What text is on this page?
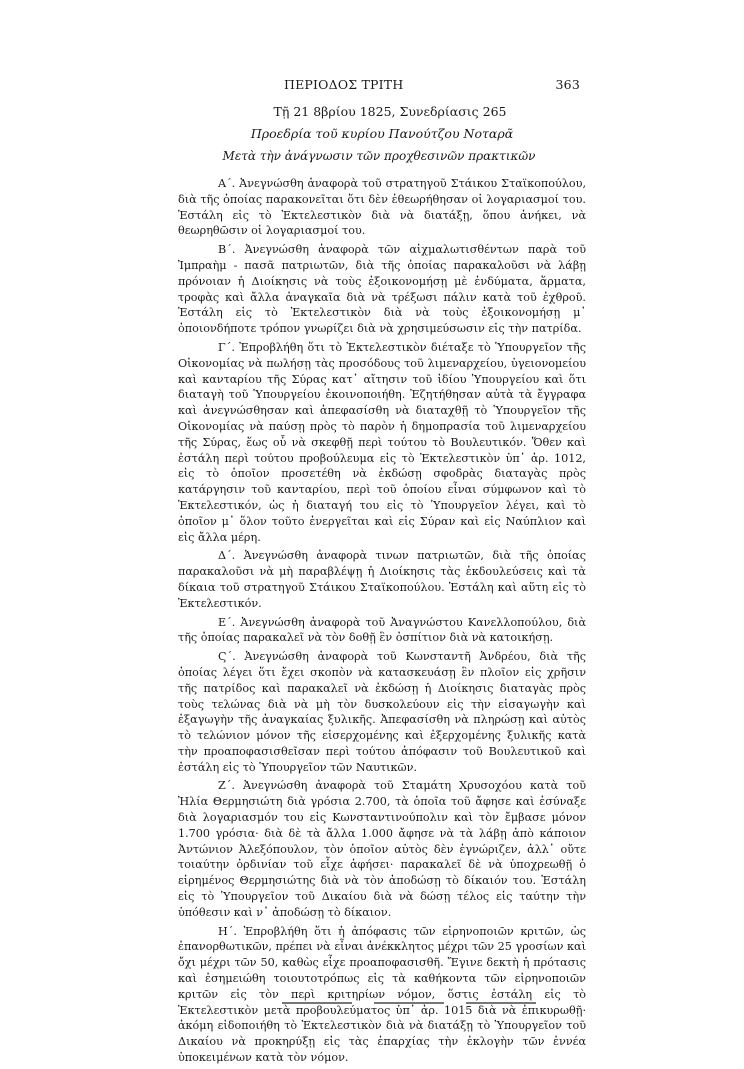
ΠΕΡΙΟΔΟΣ ΤΡΙΤΗ	363
Τῇ 21 8βρίου 1825, Συνεδρίασις 265
Προεδρία τοῦ κυρίου Πανούτζου Νοταρᾶ
Μετὰ τὴν ἀνάγνωσιν τῶν προχθεσινῶν πρακτικῶν

Α΄. Ἀνεγνώσθη ἀναφορὰ τοῦ στρατηγοῦ Στάικου Σταϊκοπούλου, διὰ τῆς ὁποίας παρακονεῖται ὅτι δὲν ἐθεωρήθησαν οἱ λογαριασμοί του. Ἐστάλη εἰς τὸ Ἐκτελεστικὸν διὰ νὰ διατάξῃ, ὅπου ἀνήκει, νὰ θεωρηθῶσιν οἱ λογαριασμοί του.

Β΄. Ἀνεγνώσθη ἀναφορὰ τῶν αἰχμαλωτισθέντων παρὰ τοῦ Ἰμπραὴμ - πασᾶ πατριωτῶν, διὰ τῆς ὁποίας παρακαλοῦσι νὰ λάβῃ πρόνοιαν ἡ Διοίκησις νὰ τοὺς ἐξοικονομήσῃ μὲ ἐνδύματα, ἅρματα, τροφὰς καὶ ἄλλα ἀναγκαῖα διὰ νὰ τρέξωσι πάλιν κατὰ τοῦ ἐχθροῦ. Ἐστάλη εἰς τὸ Ἐκτελεστικὸν διὰ νὰ τοὺς ἐξοικονομήσῃ μ᾽ ὁποιονδήποτε τρόπον γνωρίζει διὰ νὰ χρησιμεύσωσιν εἰς τὴν πατρίδα.

Γ΄. Ἐπροβλήθη ὅτι τὸ Ἐκτελεστικὸν διέταξε τὸ Ὑπουργεῖον τῆς Οἰκονομίας νὰ πωλήσῃ τὰς προσόδους τοῦ λιμεναρχείου, ὑγειονομείου καὶ κανταρίου τῆς Σύρας κατ᾽ αἴτησιν τοῦ ἰδίου Ὑπουργείου καὶ ὅτι διαταγὴ τοῦ Ὑπουργείου ἐκοινοποιήθη. Ἐζητήθησαν αὐτὰ τὰ ἔγγραφα καὶ ἀνεγνώσθησαν καὶ ἀπεφασίσθη νὰ διαταχθῇ τὸ Ὑπουργεῖον τῆς Οἰκονομίας νὰ παύσῃ πρὸς τὸ παρὸν ἡ δημοπρασία τοῦ λιμεναρχείου τῆς Σύρας, ἕως οὗ νὰ σκεφθῇ περὶ τούτου τὸ Βουλευτικόν. Ὅθεν καὶ ἐστάλη περὶ τούτου προβούλευμα εἰς τὸ Ἐκτελεστικὸν ὑπ᾽ ἀρ. 1012, εἰς τὸ ὁποῖον προσετέθη νὰ ἐκδώσῃ σφοδρὰς διαταγὰς πρὸς κατάργησιν τοῦ κανταρίου, περὶ τοῦ ὁποίου εἶναι σύμφωνον καὶ τὸ Ἐκτελεστικόν, ὡς ἡ διαταγή του εἰς τὸ Ὑπουργεῖον λέγει, καὶ τὸ ὁποῖον μ᾽ ὅλον τοῦτο ἐνεργεῖται καὶ εἰς Σύραν καὶ εἰς Ναύπλιον καὶ εἰς ἄλλα μέρη.

Δ΄. Ἀνεγνώσθη ἀναφορὰ τινων πατριωτῶν, διὰ τῆς ὁποίας παρακαλοῦσι νὰ μὴ παραβλέψῃ ἡ Διοίκησις τὰς ἐκδουλεύσεις καὶ τὰ δίκαια τοῦ στρατηγοῦ Στάικου Σταϊκοπούλου. Ἐστάλη καὶ αὕτη εἰς τὸ Ἐκτελεστικόν.

Ε΄. Ἀνεγνώσθη ἀναφορὰ τοῦ Ἀναγνώστου Κανελλοπούλου, διὰ τῆς ὁποίας παρακαλεῖ νὰ τὸν δοθῇ ἓν ὀσπίτιον διὰ νὰ κατοικήσῃ.

Ϛ΄. Ἀνεγνώσθη ἀναφορὰ τοῦ Κωνσταντῆ Ἀνδρέου, διὰ τῆς ὁποίας λέγει ὅτι ἔχει σκοπὸν νὰ κατασκευάσῃ ἓν πλοῖον εἰς χρῆσιν τῆς πατρίδος καὶ παρακαλεῖ νὰ ἐκδώσῃ ἡ Διοίκησις διαταγὰς πρὸς τοὺς τελώνας διὰ νὰ μὴ τὸν δυσκολεύουν εἰς τὴν εἰσαγωγὴν καὶ ἐξαγωγὴν τῆς ἀναγκαίας ξυλικῆς. Ἀπεφασίσθη νὰ πληρώσῃ καὶ αὐτὸς τὸ τελώνιον μόνον τῆς εἰσερχομένης καὶ ἐξερχομένης ξυλικῆς κατὰ τὴν προαποφασισθεῖσαν περὶ τούτου ἀπόφασιν τοῦ Βουλευτικοῦ καὶ ἐστάλη εἰς τὸ Ὑπουργεῖον τῶν Ναυτικῶν.

Ζ΄. Ἀνεγνώσθη ἀναφορὰ τοῦ Σταμάτη Χρυσοχόου κατὰ τοῦ Ἠλία Θερμησιώτη διὰ γρόσια 2.700, τὰ ὁποῖα τοῦ ἄφησε καὶ ἐσύναξε διὰ λογαριασμόν του εἰς Κωνσταντινούπολιν καὶ τὸν ἔμβασε μόνον 1.700 γρόσια· διὰ δὲ τὰ ἄλλα 1.000 ἄφησε νὰ τὰ λάβῃ ἀπὸ κάποιον Ἀντώνιον Ἀλεξόπουλον, τὸν ὁποῖον αὐτὸς δὲν ἐγνώριζεν, ἀλλ᾽ οὔτε τοιαύτην ὀρδινίαν τοῦ εἶχε ἀφήσει· παρακαλεῖ δὲ νὰ ὑποχρεωθῇ ὁ εἰρημένος Θερμησιώτης διὰ νὰ τὸν ἀποδώσῃ τὸ δίκαιόν του. Ἐστάλη εἰς τὸ Ὑπουργεῖον τοῦ Δικαίου διὰ νὰ δώσῃ τέλος εἰς ταύτην τὴν ὑπόθεσιν καὶ ν᾽ ἀποδώσῃ τὸ δίκαιον.

Η΄. Ἐπροβλήθη ὅτι ἡ ἀπόφασις τῶν εἰρηνοποιῶν κριτῶν, ὡς ἐπανορθωτικῶν, πρέπει νὰ εἶναι ἀνέκκλητος μέχρι τῶν 25 γροσίων καὶ ὄχι μέχρι τῶν 50, καθὼς εἶχε προαποφασισθῆ. Ἔγινε δεκτὴ ἡ πρότασις καὶ ἐσημειώθη τοιουτοτρόπως εἰς τὰ καθήκοντα τῶν εἰρηνοποιῶν κριτῶν εἰς τὸν περὶ κριτηρίων νόμον, ὅστις ἐστάλη εἰς τὸ Ἐκτελεστικὸν μετὰ προβουλεύματος ὑπ᾽ ἀρ. 1015 διὰ νὰ ἐπικυρωθῇ· ἀκόμη εἰδοποιήθη τὸ Ἐκτελεστικὸν διὰ νὰ διατάξῃ τὸ Ὑπουργεῖον τοῦ Δικαίου νὰ προκηρύξῃ εἰς τὰς ἐπαρχίας τὴν ἐκλογὴν τῶν ἐννέα ὑποκειμένων κατὰ τὸν νόμον.
